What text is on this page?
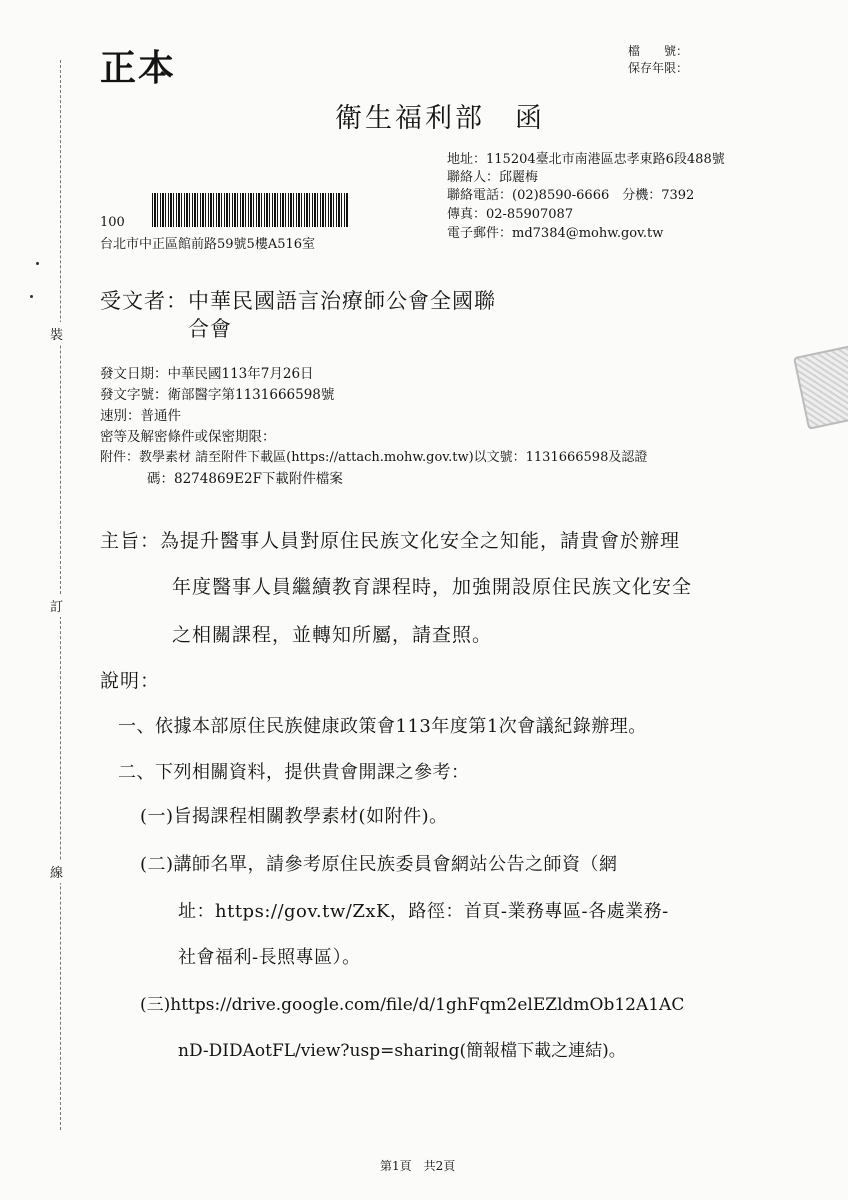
裝
訂
線
正本	檔　　號：
保存年限：
衛生福利部　函
地址：115204臺北市南港區忠孝東路6段488號
聯絡人：邱麗梅
聯絡電話：(02)8590-6666　分機：7392
傳真：02-85907087
電子郵件：md7384@mohw.gov.tw
100
台北市中正區館前路59號5樓A516室
受文者：中華民國語言治療師公會全國聯
合會
發文日期：中華民國113年7月26日
發文字號：衛部醫字第1131666598號
速別：普通件
密等及解密條件或保密期限：
附件：教學素材 請至附件下載區(https://attach.mohw.gov.tw)以文號：1131666598及認證
碼：8274869E2F下載附件檔案
主旨：為提升醫事人員對原住民族文化安全之知能，請貴會於辦理
年度醫事人員繼續教育課程時，加強開設原住民族文化安全
之相關課程，並轉知所屬，請查照。
說明：
一、依據本部原住民族健康政策會113年度第1次會議紀錄辦理。
二、下列相關資料，提供貴會開課之參考：
(一)旨揭課程相關教學素材(如附件)。
(二)講師名單，請參考原住民族委員會網站公告之師資（網
址：https://gov.tw/ZxK，路徑：首頁-業務專區-各處業務-
社會福利-長照專區）。
(三)https://drive.google.com/file/d/1ghFqm2elEZldmOb12A1AC
nD-DIDAotFL/view?usp=sharing(簡報檔下載之連結)。
第1頁　共2頁
